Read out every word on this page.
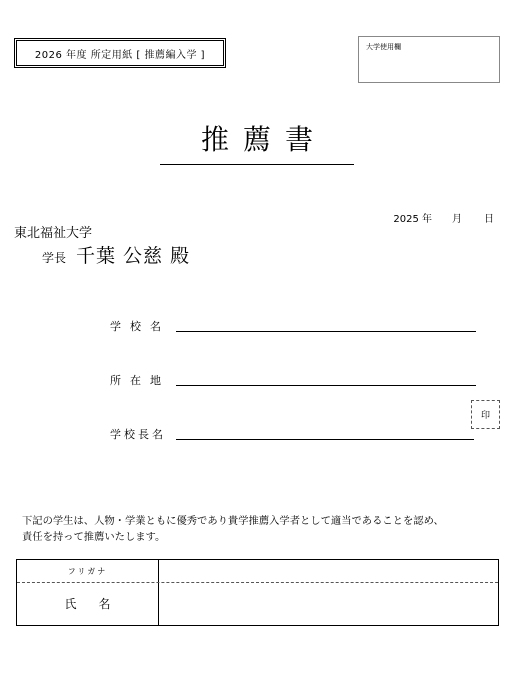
2026 年度 所定用紙 [ 推薦編入学 ]
大学使用欄
推薦書
2025 年 月 日
東北福祉大学
学長 千葉 公慈 殿
学校名
所在地
学校長名
印
下記の学生は、人物・学業ともに優秀であり貴学推薦入学者として適当であることを認め、
責任を持って推薦いたします。
フリガナ
氏名
